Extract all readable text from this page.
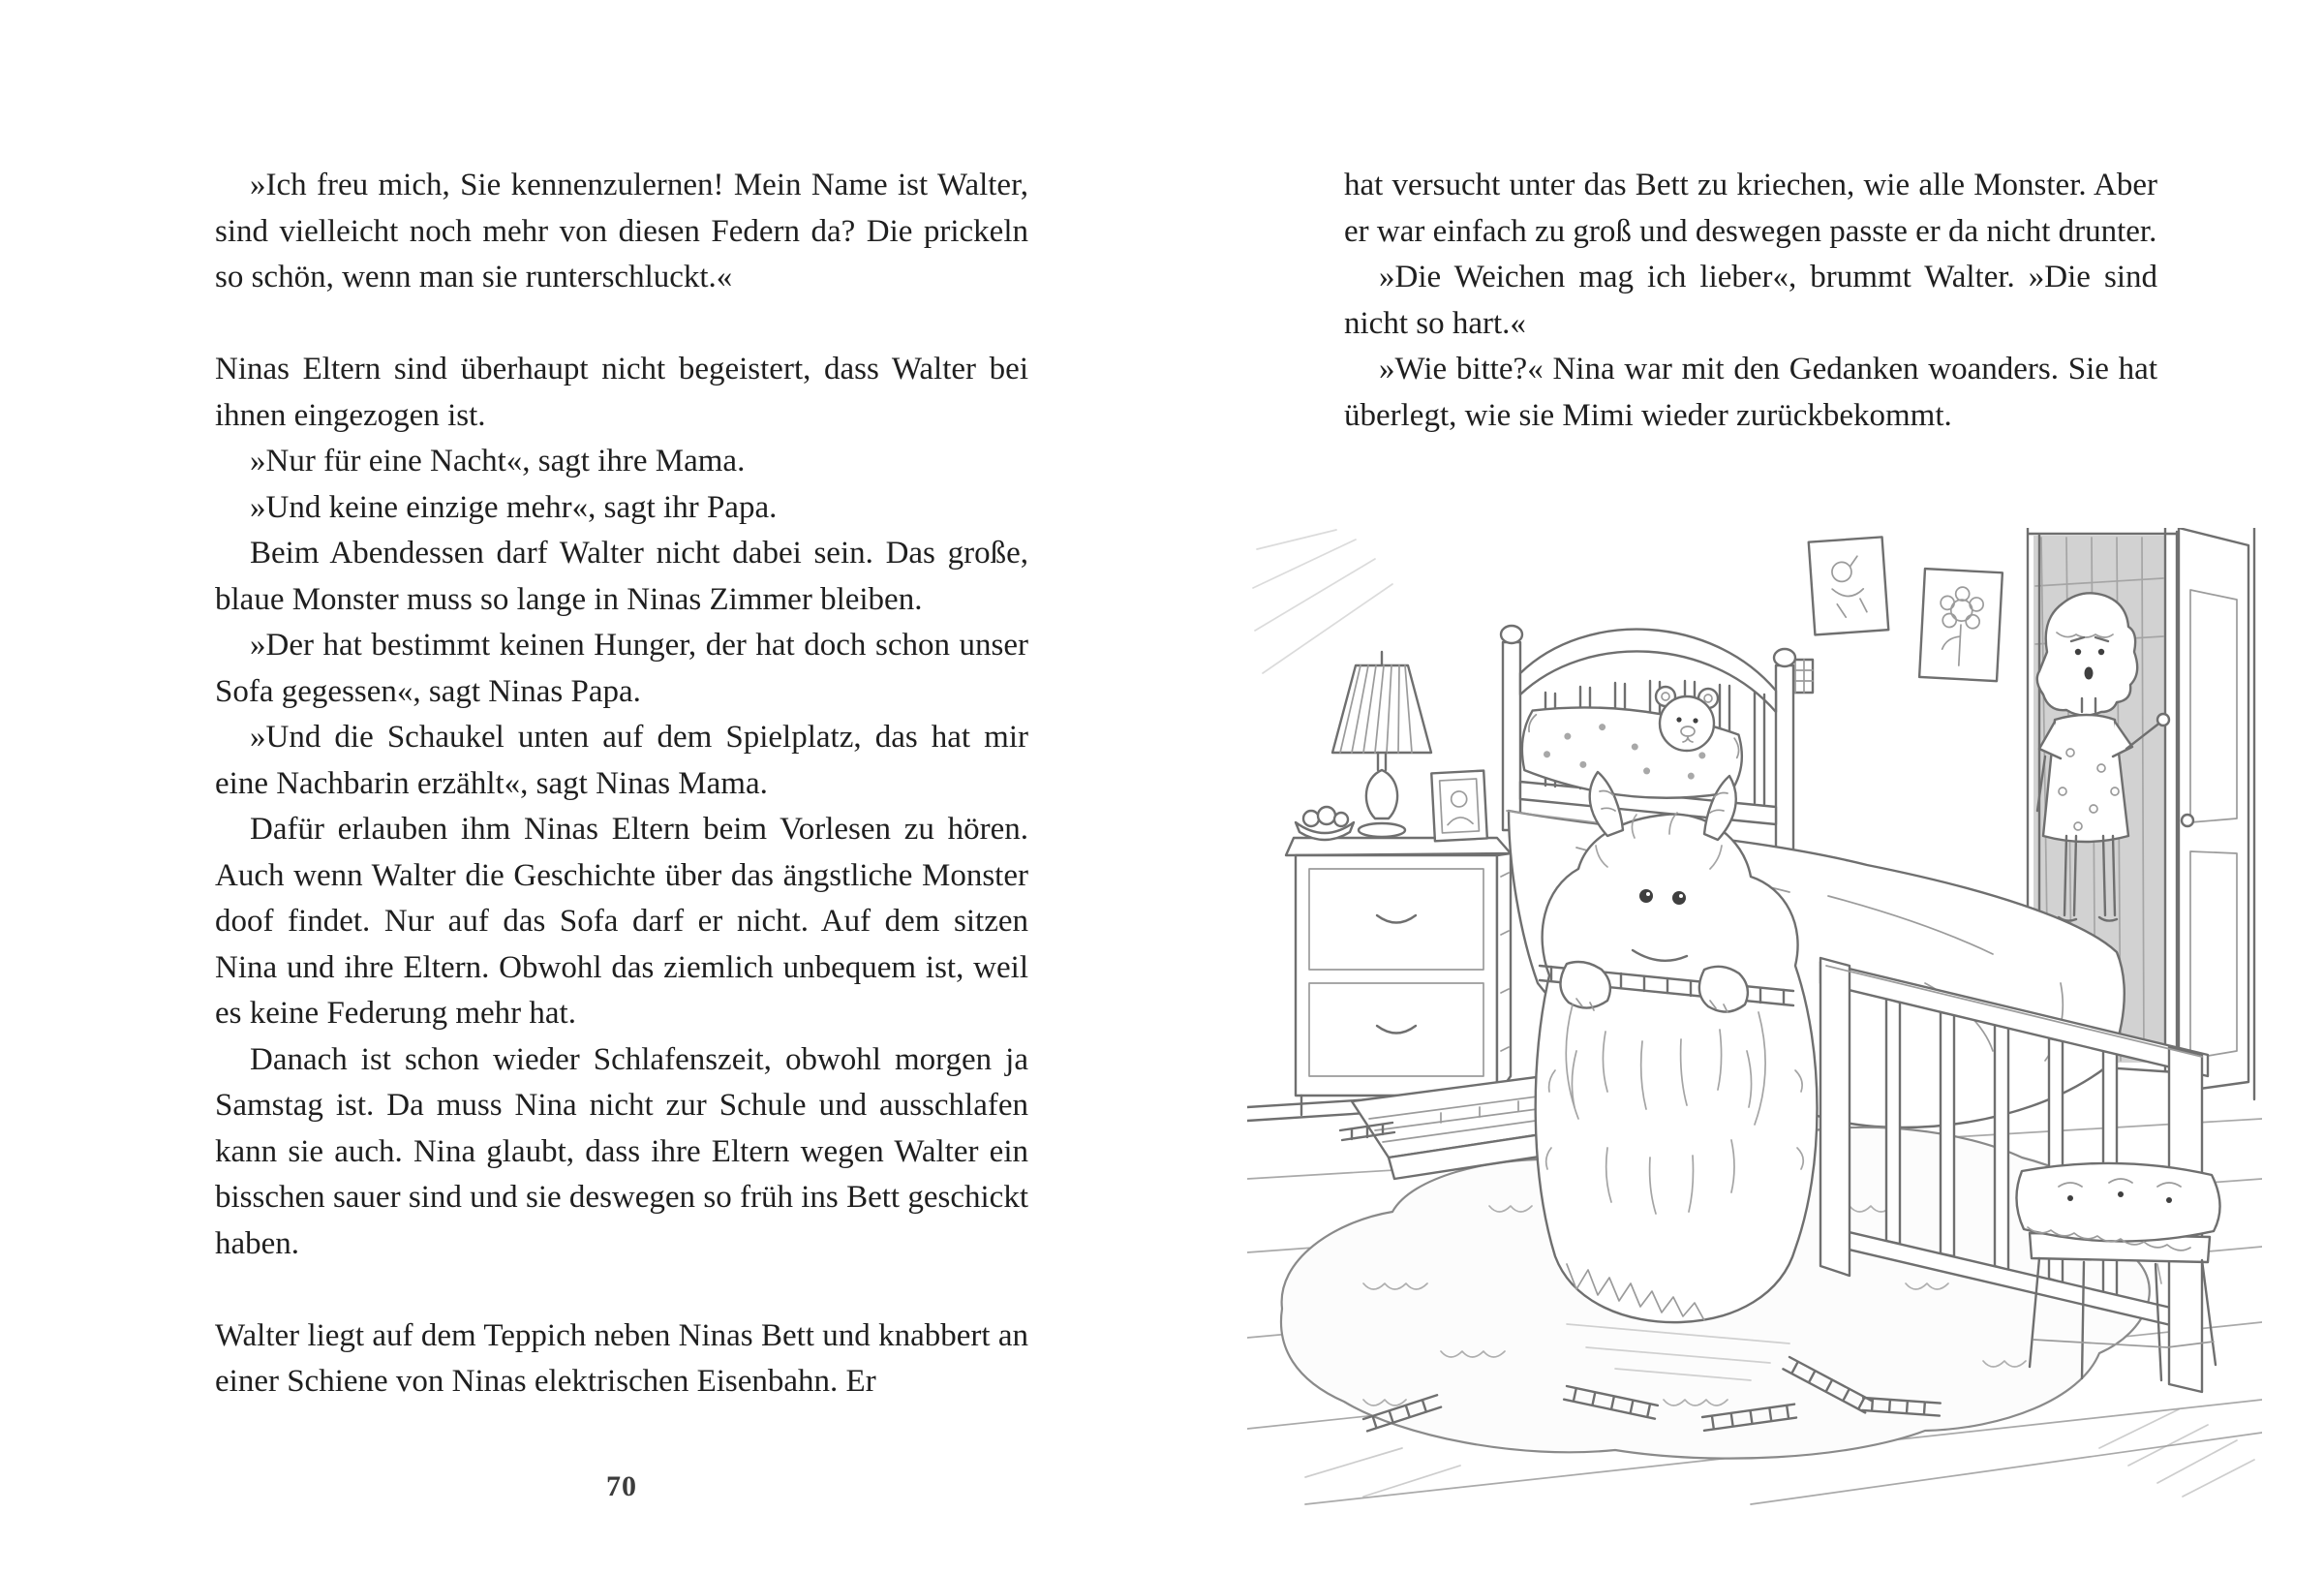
»Ich freu mich, Sie kennenzulernen! Mein Name ist Walter, sind vielleicht noch mehr von diesen Federn da? Die prickeln so schön, wenn man sie runterschluckt.«

Ninas Eltern sind überhaupt nicht begeistert, dass Walter bei ihnen eingezogen ist.

»Nur für eine Nacht«, sagt ihre Mama.

»Und keine einzige mehr«, sagt ihr Papa.

Beim Abendessen darf Walter nicht dabei sein. Das große, blaue Monster muss so lange in Ninas Zimmer bleiben.

»Der hat bestimmt keinen Hunger, der hat doch schon unser Sofa gegessen«, sagt Ninas Papa.

»Und die Schaukel unten auf dem Spielplatz, das hat mir eine Nachbarin erzählt«, sagt Ninas Mama.

Dafür erlauben ihm Ninas Eltern beim Vorlesen zu hören. Auch wenn Walter die Geschichte über das ängstliche Monster doof findet. Nur auf das Sofa darf er nicht. Auf dem sitzen Nina und ihre Eltern. Obwohl das ziemlich unbequem ist, weil es keine Federung mehr hat.

Danach ist schon wieder Schlafenszeit, obwohl morgen ja Samstag ist. Da muss Nina nicht zur Schule und ausschlafen kann sie auch. Nina glaubt, dass ihre Eltern wegen Walter ein bisschen sauer sind und sie deswegen so früh ins Bett geschickt haben.

Walter liegt auf dem Teppich neben Ninas Bett und knabbert an einer Schiene von Ninas elektrischen Eisenbahn. Er

70

hat versucht unter das Bett zu kriechen, wie alle Monster. Aber er war einfach zu groß und deswegen passte er da nicht drunter.

»Die Weichen mag ich lieber«, brummt Walter. »Die sind nicht so hart.«

»Wie bitte?« Nina war mit den Gedanken woanders. Sie hat überlegt, wie sie Mimi wieder zurückbekommt.
